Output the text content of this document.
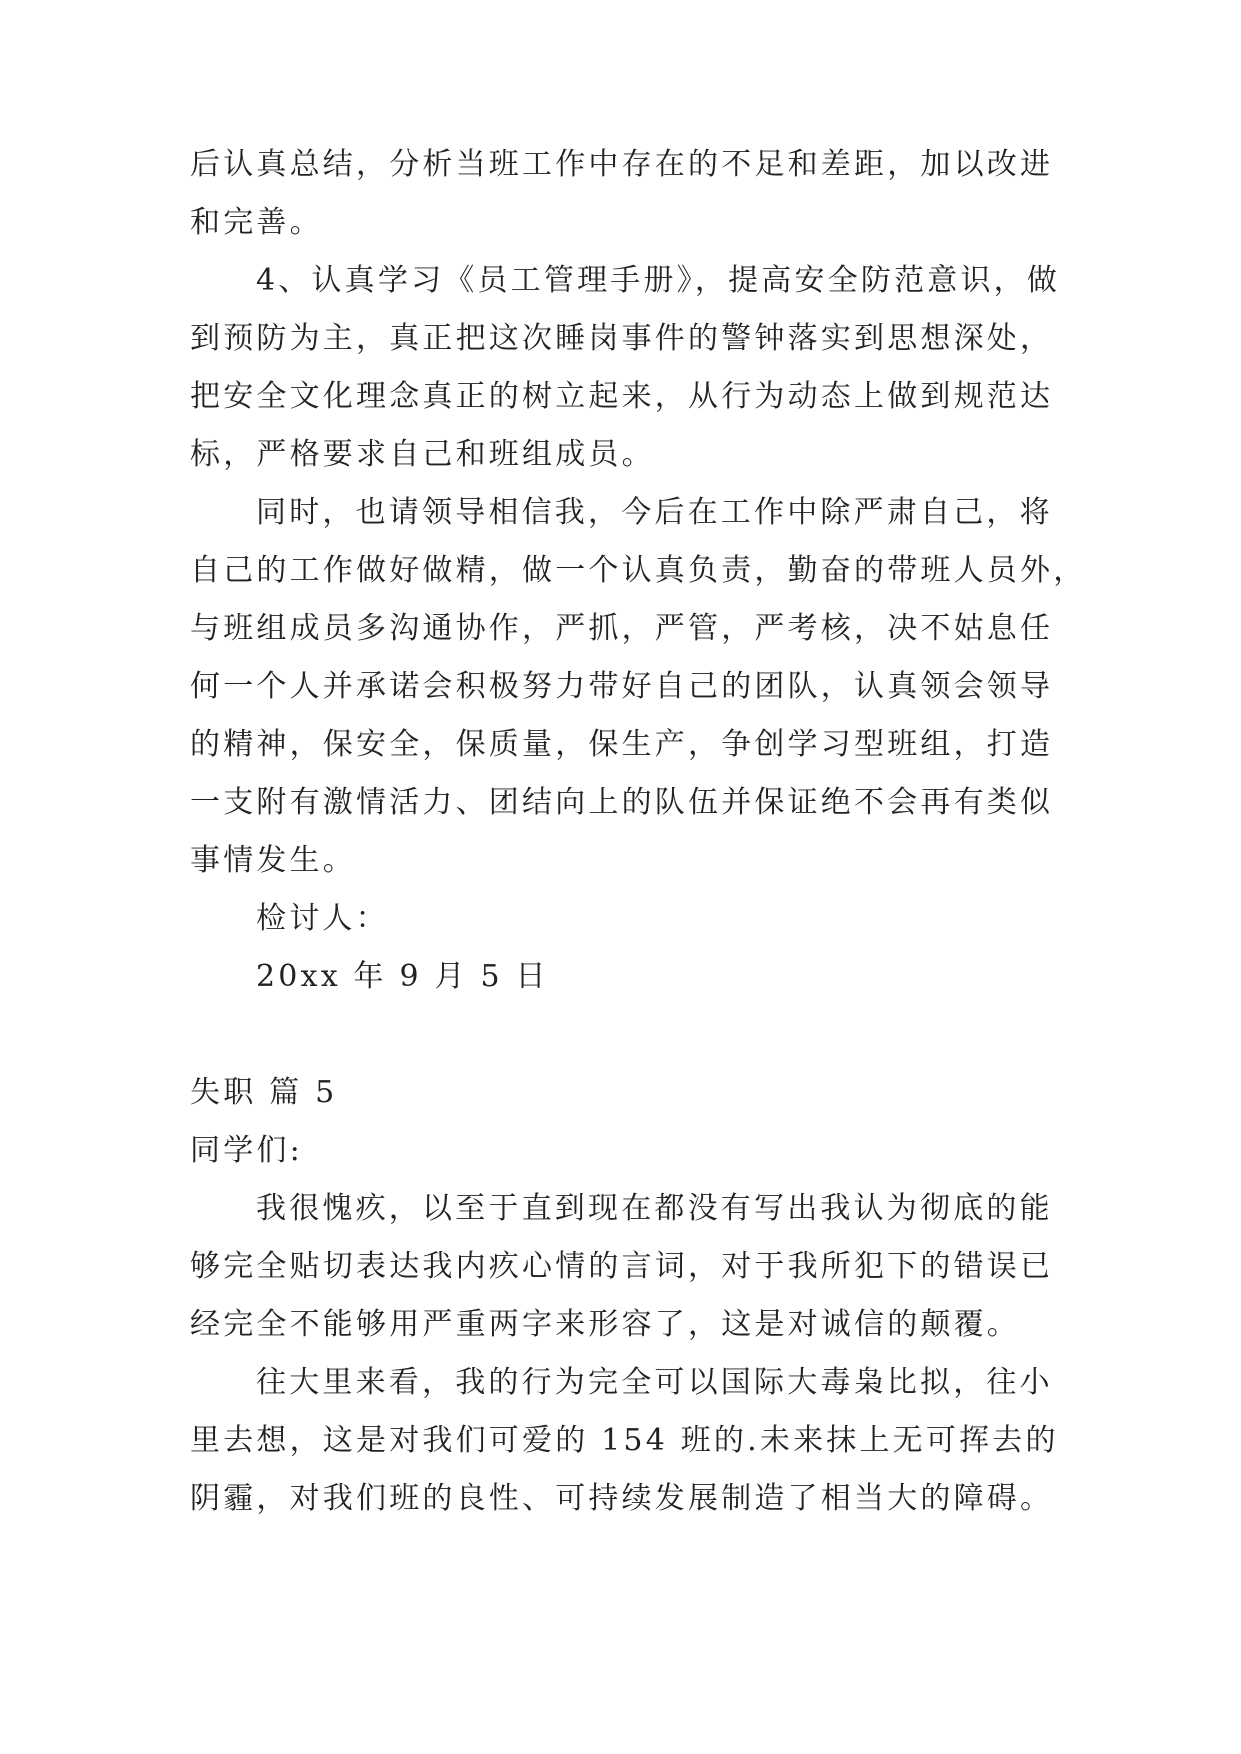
后认真总结，分析当班工作中存在的不足和差距，加以改进
和完善。
4、认真学习《员工管理手册》，提高安全防范意识，做
到预防为主，真正把这次睡岗事件的警钟落实到思想深处，
把安全文化理念真正的树立起来，从行为动态上做到规范达
标，严格要求自己和班组成员。
同时，也请领导相信我，今后在工作中除严肃自己，将
自己的工作做好做精，做一个认真负责，勤奋的带班人员外，
与班组成员多沟通协作，严抓，严管，严考核，决不姑息任
何一个人并承诺会积极努力带好自己的团队，认真领会领导
的精神，保安全，保质量，保生产，争创学习型班组，打造
一支附有激情活力、团结向上的队伍并保证绝不会再有类似
事情发生。
检讨人：
20xx 年 9 月 5 日
失职 篇 5
同学们:
我很愧疚，以至于直到现在都没有写出我认为彻底的能
够完全贴切表达我内疚心情的言词，对于我所犯下的错误已
经完全不能够用严重两字来形容了，这是对诚信的颠覆。
往大里来看，我的行为完全可以国际大毒枭比拟，往小
里去想，这是对我们可爱的 154 班的.未来抹上无可挥去的
阴霾，对我们班的良性、可持续发展制造了相当大的障碍。
